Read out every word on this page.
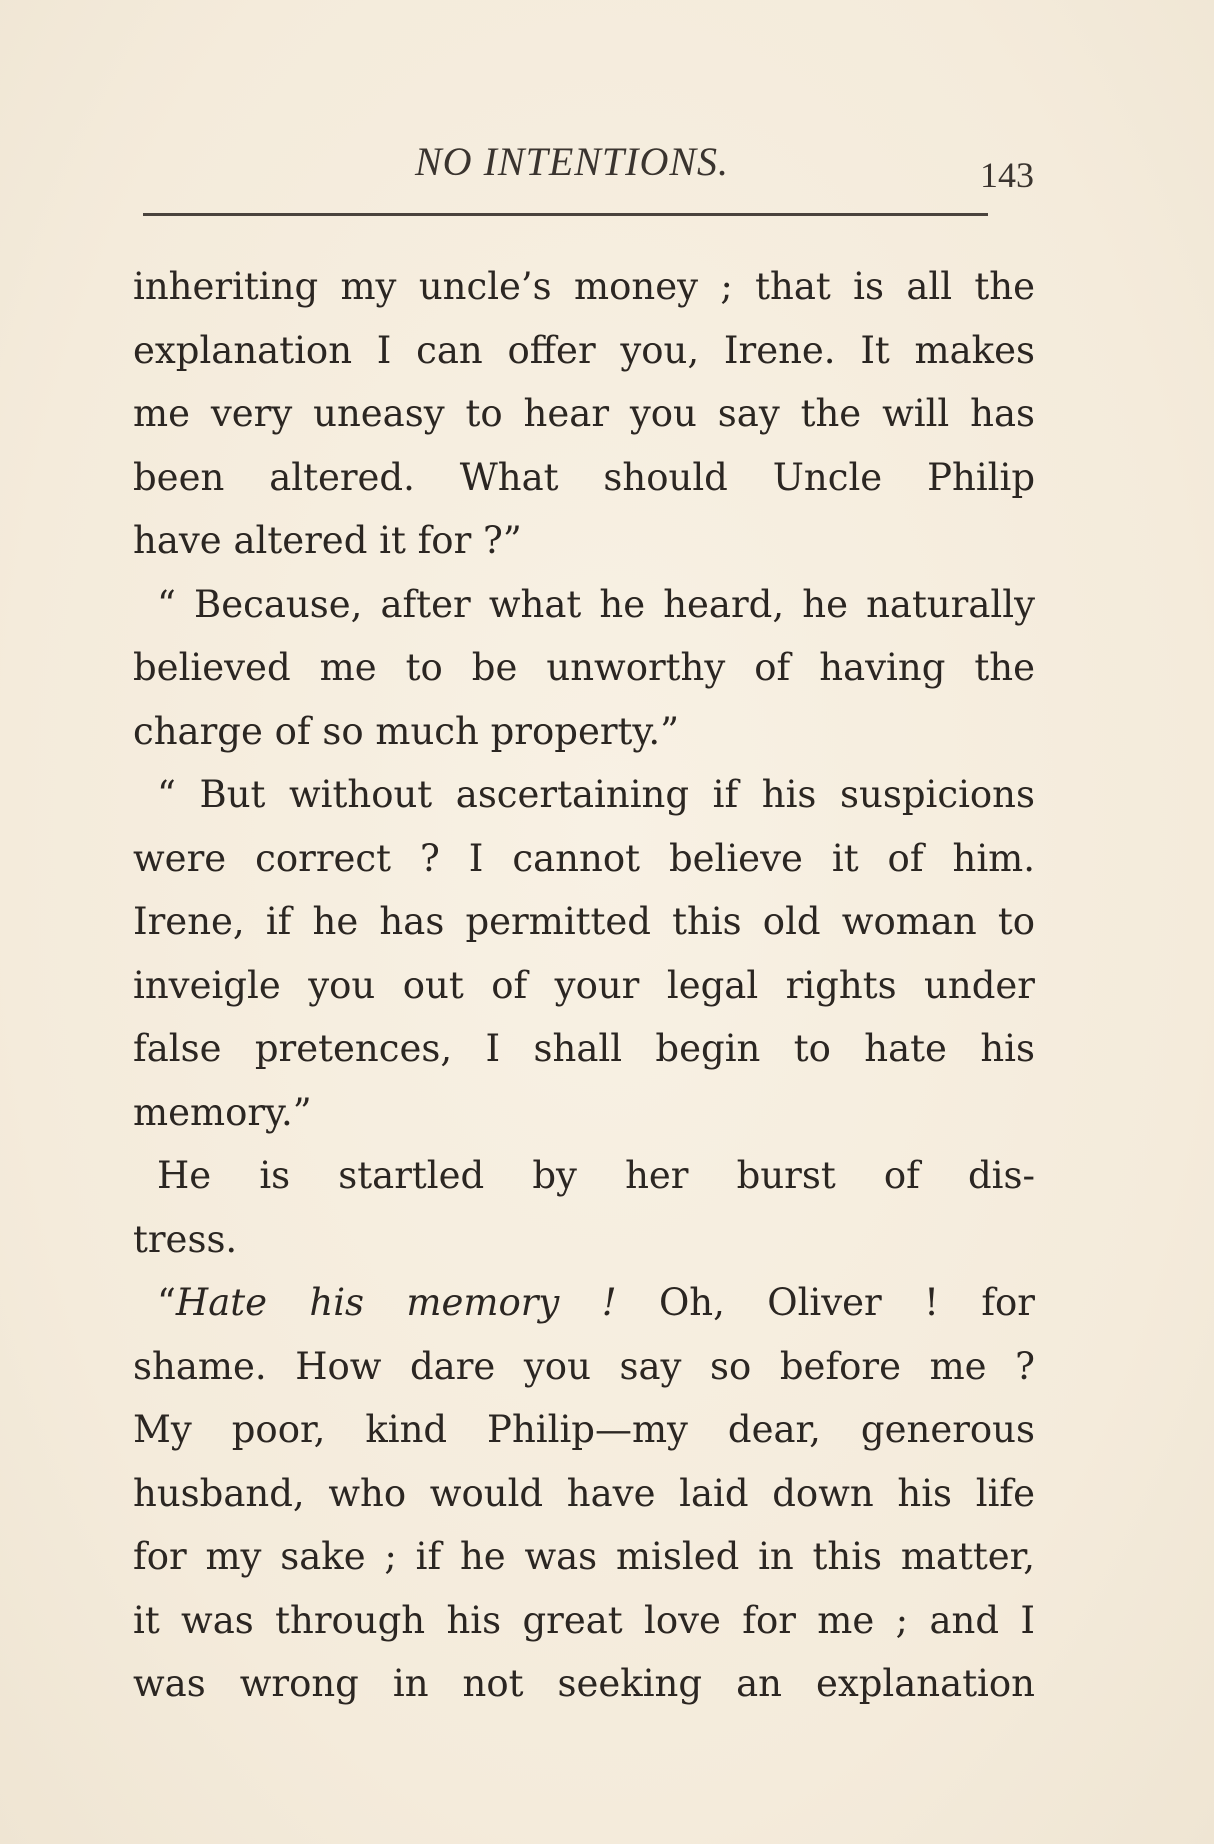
NO INTENTIONS.	143
inheriting my uncle’s money ; that is all the
explanation I can offer you, Irene. It makes
me very uneasy to hear you say the will has
been altered. What should Uncle Philip
have altered it for ?”
“ Because, after what he heard, he naturally
believed me to be unworthy of having the
charge of so much property.”
“ But without ascertaining if his suspicions
were correct ? I cannot believe it of him.
Irene, if he has permitted this old woman to
inveigle you out of your legal rights under
false pretences, I shall begin to hate his
memory.”
He is startled by her burst of dis-
tress.
“Hate his memory ! Oh, Oliver ! for
shame. How dare you say so before me ?
My poor, kind Philip—my dear, generous
husband, who would have laid down his life
for my sake ; if he was misled in this matter,
it was through his great love for me ; and I
was wrong in not seeking an explanation
